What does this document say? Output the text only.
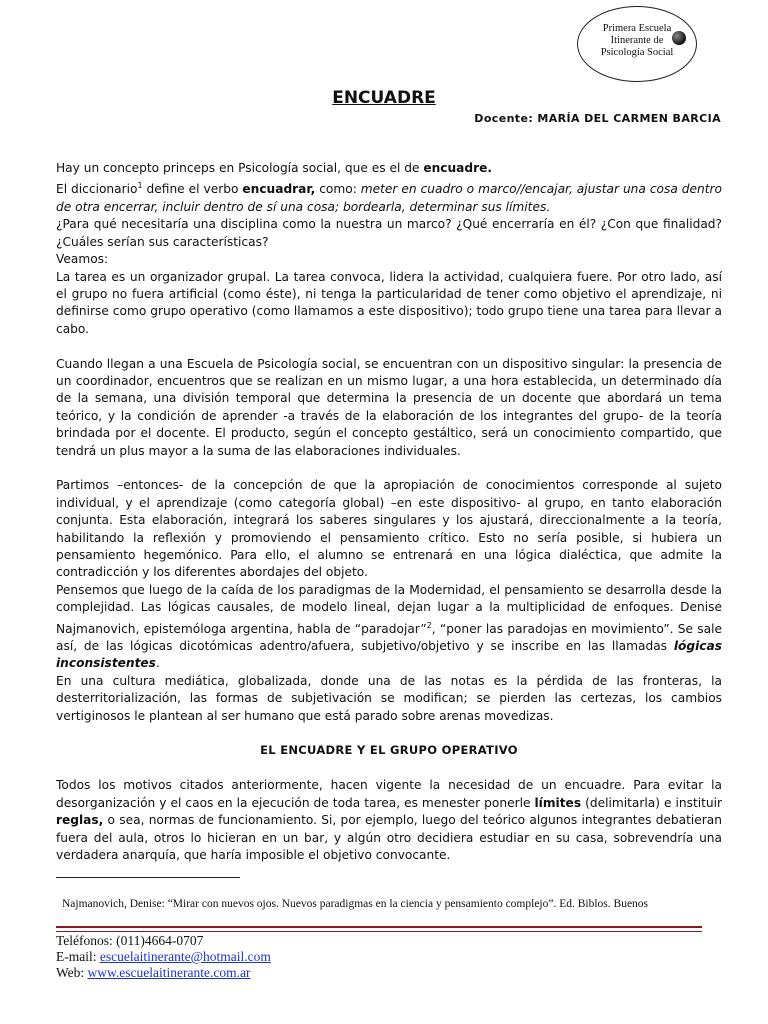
Primera Escuela
Itinerante de
Psicología Social
ENCUADRE
Docente: MARÍA DEL CARMEN BARCIA

Hay un concepto princeps en Psicología social, que es el de encuadre.

El diccionario$^1$ define el verbo encuadrar, como: meter en cuadro o marco//encajar, ajustar una cosa dentro de otra encerrar, incluir dentro de sí una cosa; bordearla, determinar sus límites.

¿Para qué necesitaría una disciplina como la nuestra un marco? ¿Qué encerraría en él? ¿Con que finalidad? ¿Cuáles serían sus características?

Veamos:

La tarea es un organizador grupal. La tarea convoca, lidera la actividad, cualquiera fuere. Por otro lado, así el grupo no fuera artificial (como éste), ni tenga la particularidad de tener como objetivo el aprendizaje, ni definirse como grupo operativo (como llamamos a este dispositivo); todo grupo tiene una tarea para llevar a cabo.

Cuando llegan a una Escuela de Psicología social, se encuentran con un dispositivo singular: la presencia de un coordinador, encuentros que se realizan en un mismo lugar, a una hora establecida, un determinado día de la semana, una división temporal que determina la presencia de un docente que abordará un tema teórico, y la condición de aprender -a través de la elaboración de los integrantes del grupo- de la teoría brindada por el docente. El producto, según el concepto gestáltico, será un conocimiento compartido, que tendrá un plus mayor a la suma de las elaboraciones individuales.

Partimos –entonces- de la concepción de que la apropiación de conocimientos corresponde al sujeto individual, y el aprendizaje (como categoría global) –en este dispositivo- al grupo, en tanto elaboración conjunta. Esta elaboración, integrará los saberes singulares y los ajustará, direccionalmente a la teoría, habilitando la reflexión y promoviendo el pensamiento crítico. Esto no sería posible, si hubiera un pensamiento hegemónico. Para ello, el alumno se entrenará en una lógica dialéctica, que admite la contradicción y los diferentes abordajes del objeto.

Pensemos que luego de la caída de los paradigmas de la Modernidad, el pensamiento se desarrolla desde la complejidad. Las lógicas causales, de modelo lineal, dejan lugar a la multiplicidad de enfoques. Denise Najmanovich, epistemóloga argentina, habla de “paradojar”$^2$, “poner las paradojas en movimiento”. Se sale así, de las lógicas dicotómicas adentro/afuera, subjetivo/objetivo y se inscribe en las llamadas lógicas inconsistentes.

En una cultura mediática, globalizada, donde una de las notas es la pérdida de las fronteras, la desterritorialización, las formas de subjetivación se modifican; se pierden las certezas, los cambios vertiginosos le plantean al ser humano que está parado sobre arenas movedizas.

EL ENCUADRE Y EL GRUPO OPERATIVO

Todos los motivos citados anteriormente, hacen vigente la necesidad de un encuadre. Para evitar la desorganización y el caos en la ejecución de toda tarea, es menester ponerle límites (delimitarla) e instituir reglas, o sea, normas de funcionamiento. Si, por ejemplo, luego del teórico algunos integrantes debatieran fuera del aula, otros lo hicieran en un bar, y algún otro decidiera estudiar en su casa, sobrevendría una verdadera anarquía, que haría imposible el objetivo convocante.

Najmanovich, Denise: “Mirar con nuevos ojos. Nuevos paradigmas en la ciencia y pensamiento complejo”. Ed. Biblos. Buenos
Teléfonos: (011)4664-0707
E-mail: escuelaitinerante@hotmail.com
Web: www.escuelaitinerante.com.ar
